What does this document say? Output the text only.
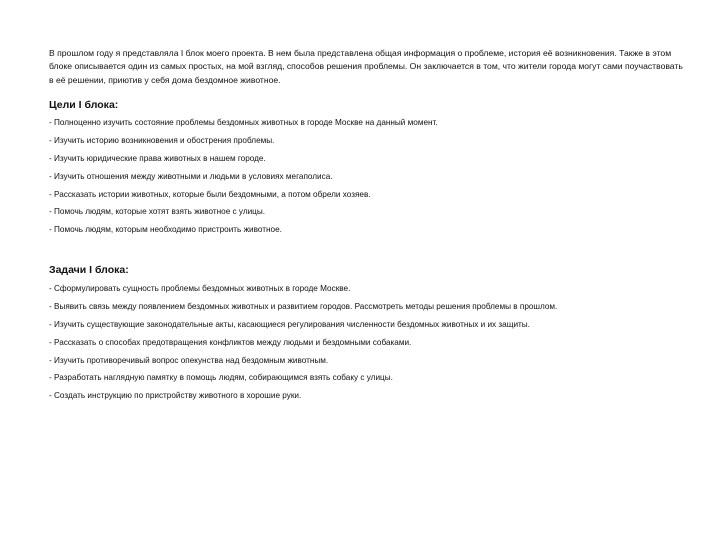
В прошлом году я представляла I блок моего проекта. В нем была представлена общая информация о проблеме, история её возникновения. Также в этом блоке описывается один из самых простых, на мой взгляд, способов решения проблемы. Он заключается в том, что жители города могут сами поучаствовать в её решении, приютив у себя дома бездомное животное.

Цели I блока:
- Полноценно изучить состояние проблемы бездомных животных в городе Москве на данный момент.
- Изучить историю возникновения и обострения проблемы.
- Изучить юридические права животных в нашем городе.
- Изучить отношения между животными и людьми в условиях мегаполиса.
- Рассказать истории животных, которые были бездомными, а потом обрели хозяев.
- Помочь людям, которые хотят взять животное с улицы.
- Помочь людям, которым необходимо пристроить животное.
Задачи I блока:
- Сформулировать сущность проблемы бездомных животных в городе Москве.
- Выявить связь между появлением бездомных животных и развитием городов. Рассмотреть методы решения проблемы в прошлом.
- Изучить существующие законодательные акты, касающиеся регулирования численности бездомных животных и их защиты.
- Рассказать о способах предотвращения конфликтов между людьми и бездомными собаками.
- Изучить противоречивый вопрос опекунства над бездомным животным.
- Разработать наглядную памятку в помощь людям, собирающимся взять собаку с улицы.
- Создать инструкцию по пристройству животного в хорошие руки.
